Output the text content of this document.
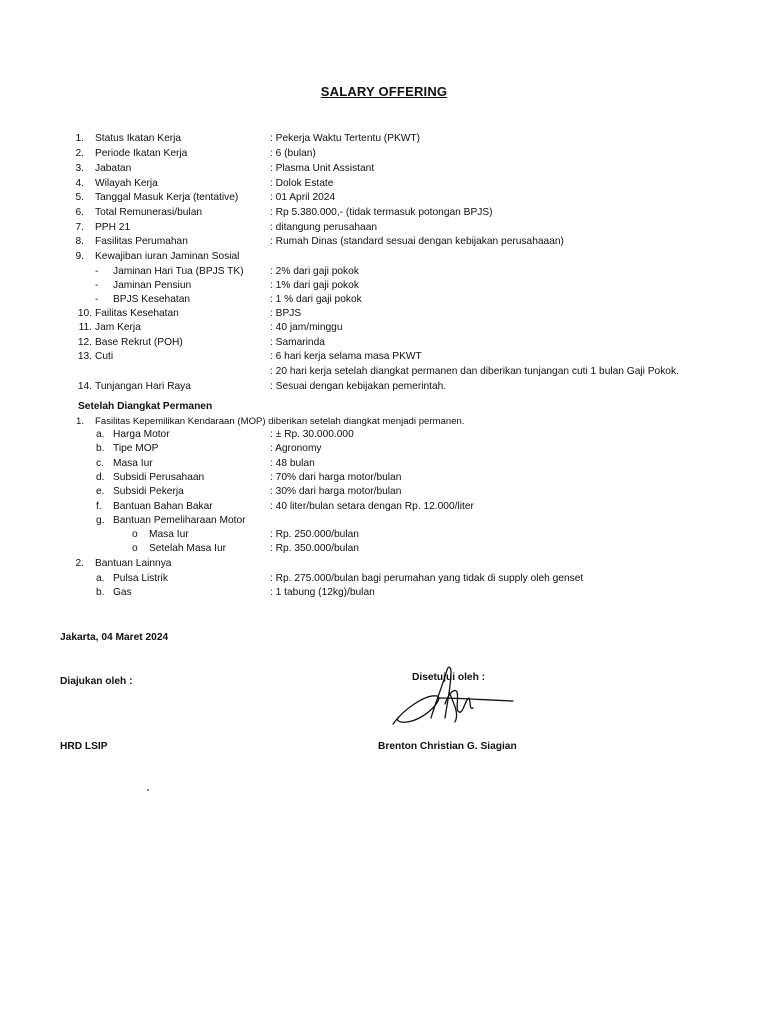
SALARY OFFERING
1. Status Ikatan Kerja	: Pekerja Waktu Tertentu (PKWT)
2. Periode Ikatan Kerja	: 6 (bulan)
3. Jabatan	: Plasma Unit Assistant
4. Wilayah Kerja	: Dolok Estate
5. Tanggal Masuk Kerja (tentative)	: 01 April 2024
6. Total Remunerasi/bulan	: Rp 5.380.000,- (tidak termasuk potongan BPJS)
7. PPH 21	: ditangung perusahaan
8. Fasilitas Perumahan	: Rumah Dinas (standard sesuai dengan kebijakan perusahaaan)
9. Kewajiban iuran Jaminan Sosial
- Jaminan Hari Tua (BPJS TK)	: 2% dari gaji pokok
- Jaminan Pensiun	: 1% dari gaji pokok
- BPJS Kesehatan	: 1 % dari gaji pokok
10. Failitas Kesehatan	: BPJS
11. Jam Kerja	: 40 jam/minggu
12. Base Rekrut (POH)	: Samarinda
13. Cuti	: 6 hari kerja selama masa PKWT
: 20 hari kerja setelah diangkat permanen dan diberikan tunjangan cuti 1 bulan Gaji Pokok.
14. Tunjangan Hari Raya	: Sesuai dengan kebijakan pemerintah.
Setelah Diangkat Permanen
1. Fasilitas Kepemilikan Kendaraan (MOP) diberikan setelah diangkat menjadi permanen.
a. Harga Motor	: ± Rp. 30.000.000
b. Tipe MOP	: Agronomy
c. Masa Iur	: 48 bulan
d. Subsidi Perusahaan	: 70% dari harga motor/bulan
e. Subsidi Pekerja	: 30% dari harga motor/bulan
f. Bantuan Bahan Bakar	: 40 liter/bulan setara dengan Rp. 12.000/liter
g. Bantuan Pemeliharaan Motor
o Masa Iur	: Rp. 250.000/bulan
o Setelah Masa Iur	: Rp. 350.000/bulan
2. Bantuan Lainnya
a. Pulsa Listrik	: Rp. 275.000/bulan bagi perumahan yang tidak di supply oleh genset
b. Gas	: 1 tabung (12kg)/bulan
Jakarta, 04 Maret 2024
Diajukan oleh :	Disetujui oleh :
HRD LSIP	Brenton Christian G. Siagian
